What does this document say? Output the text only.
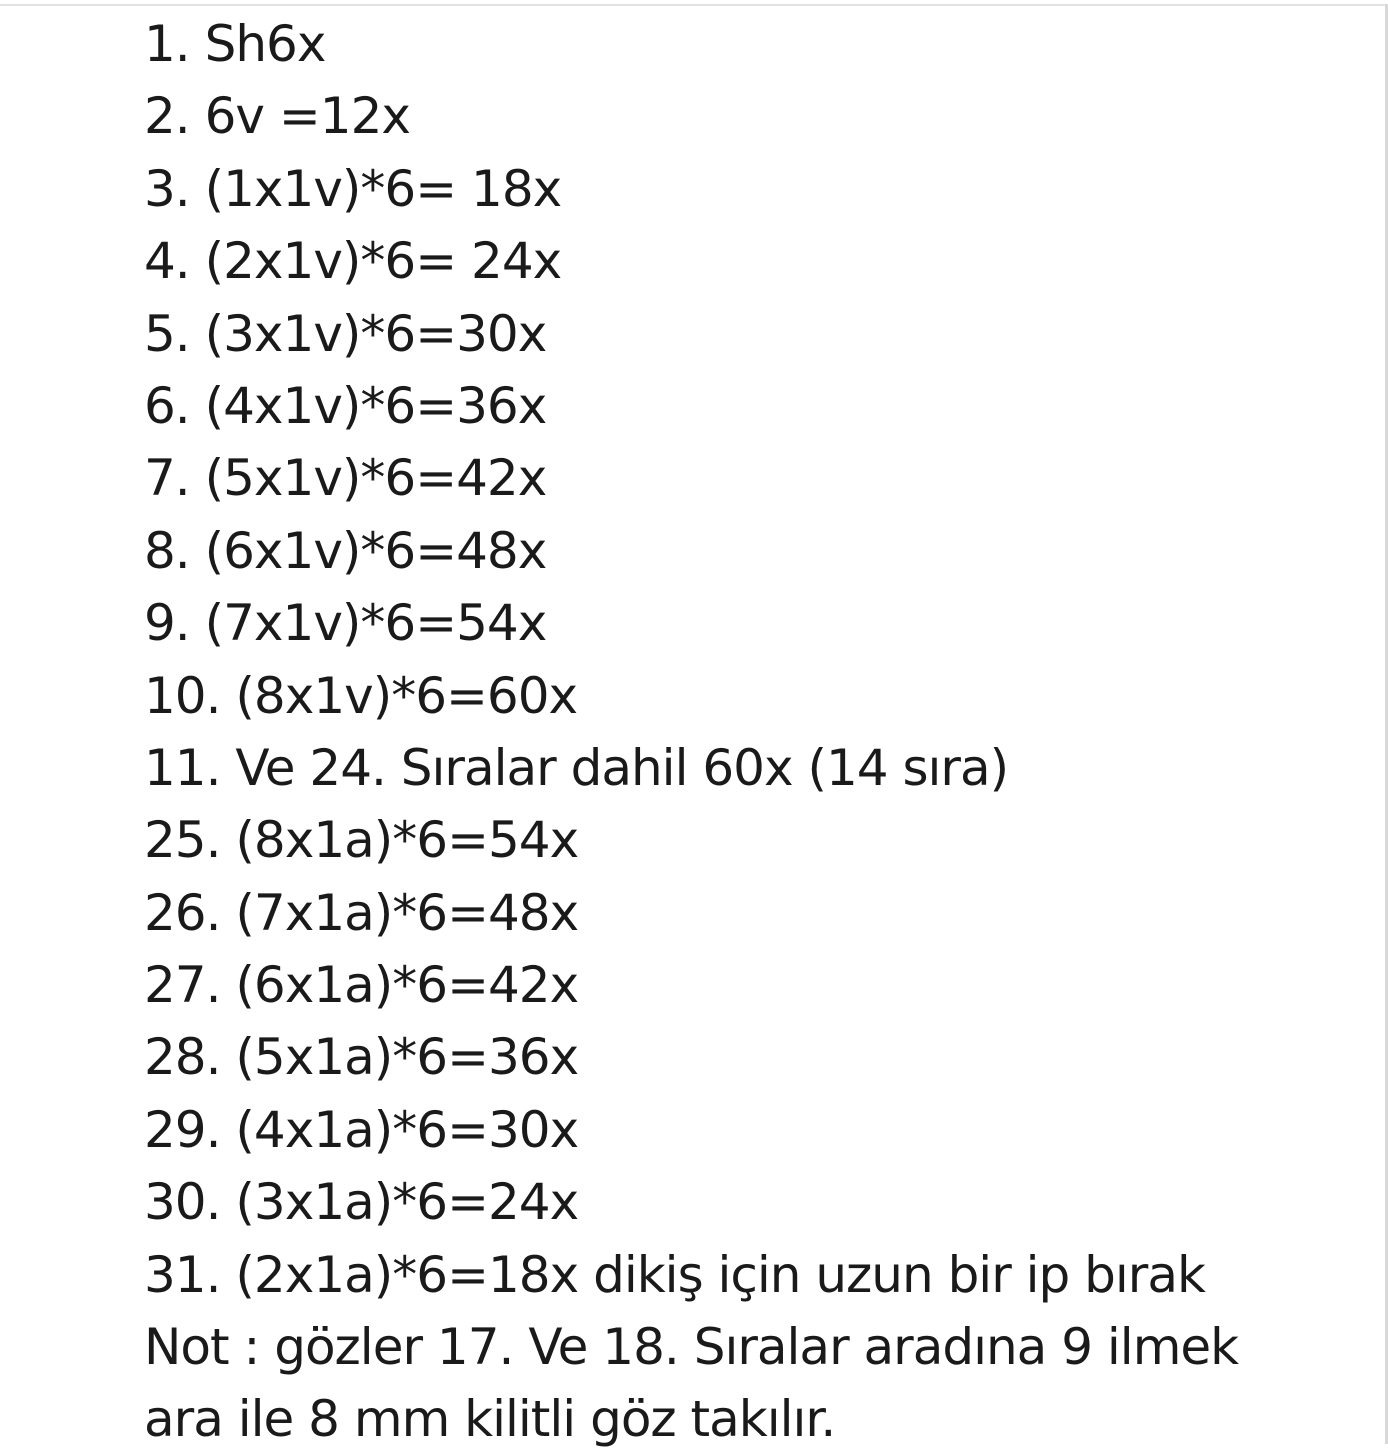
1. Sh6x
2. 6v =12x
3. (1x1v)*6= 18x
4. (2x1v)*6= 24x
5. (3x1v)*6=30x
6. (4x1v)*6=36x
7. (5x1v)*6=42x
8. (6x1v)*6=48x
9. (7x1v)*6=54x
10. (8x1v)*6=60x
11. Ve 24. Sıralar dahil 60x (14 sıra)
25. (8x1a)*6=54x
26. (7x1a)*6=48x
27. (6x1a)*6=42x
28. (5x1a)*6=36x
29. (4x1a)*6=30x
30. (3x1a)*6=24x
31. (2x1a)*6=18x dikiş için uzun bir ip bırak
Not : gözler 17. Ve 18. Sıralar aradına 9 ilmek
ara ile 8 mm kilitli göz takılır.
